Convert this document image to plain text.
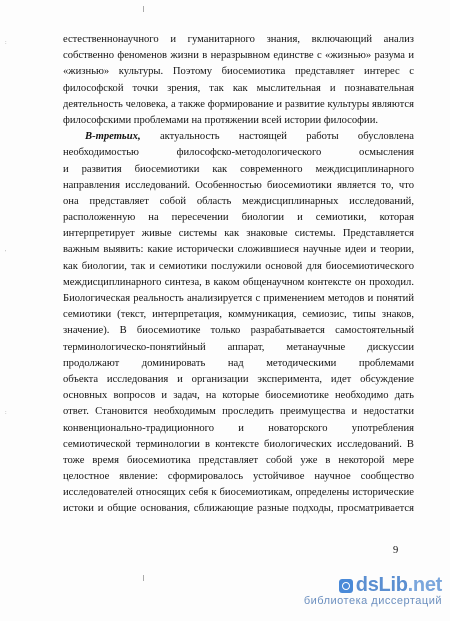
:
'
:
естественнонаучного и гуманитарного знания, включающий анализ
собственно феноменов жизни в неразрывном единстве с «жизнью» разума и
«жизнью» культуры. Поэтому биосемиотика представляет интерес с
философской точки зрения, так как мыслительная и познавательная
деятельность человека, а также формирование и развитие культуры являются
философскими проблемами на протяжении всей истории философии.
В-третьих, актуальность настоящей работы обусловлена
необходимостью философско-методологического осмысления
и развития биосемиотики как современного междисциплинарного
направления исследований. Особенностью биосемиотики является то, что
она представляет собой область междисциплинарных исследований,
расположенную на пересечении биологии и семиотики, которая
интерпретирует живые системы как знаковые системы. Представляется
важным выявить: какие исторически сложившиеся научные идеи и теории,
как биологии, так и семиотики послужили основой для биосемиотического
междисциплинарного синтеза, в каком общенаучном контексте он проходил.
Биологическая реальность анализируется с применением методов и понятий
семиотики (текст, интерпретация, коммуникация, семиозис, типы знаков,
значение). В биосемиотике только разрабатывается самостоятельный
терминологическо-понятийный аппарат, метанаучные дискуссии
продолжают доминировать над методическими проблемами
объекта исследования и организации эксперимента, идет обсуждение
основных вопросов и задач, на которые биосемиотике необходимо дать
ответ. Становится необходимым проследить преимущества и недостатки
конвенционально-традиционного и новаторского употребления
семиотической терминологии в контексте биологических исследований. В
тоже время биосемиотика представляет собой уже в некоторой мере
целостное явление: сформировалось устойчивое научное сообщество
исследователей относящих себя к биосемиотикам, определены исторические
истоки и общие основания, сближающие разные подходы, просматривается
9
dsLib.net
библиотека диссертаций
